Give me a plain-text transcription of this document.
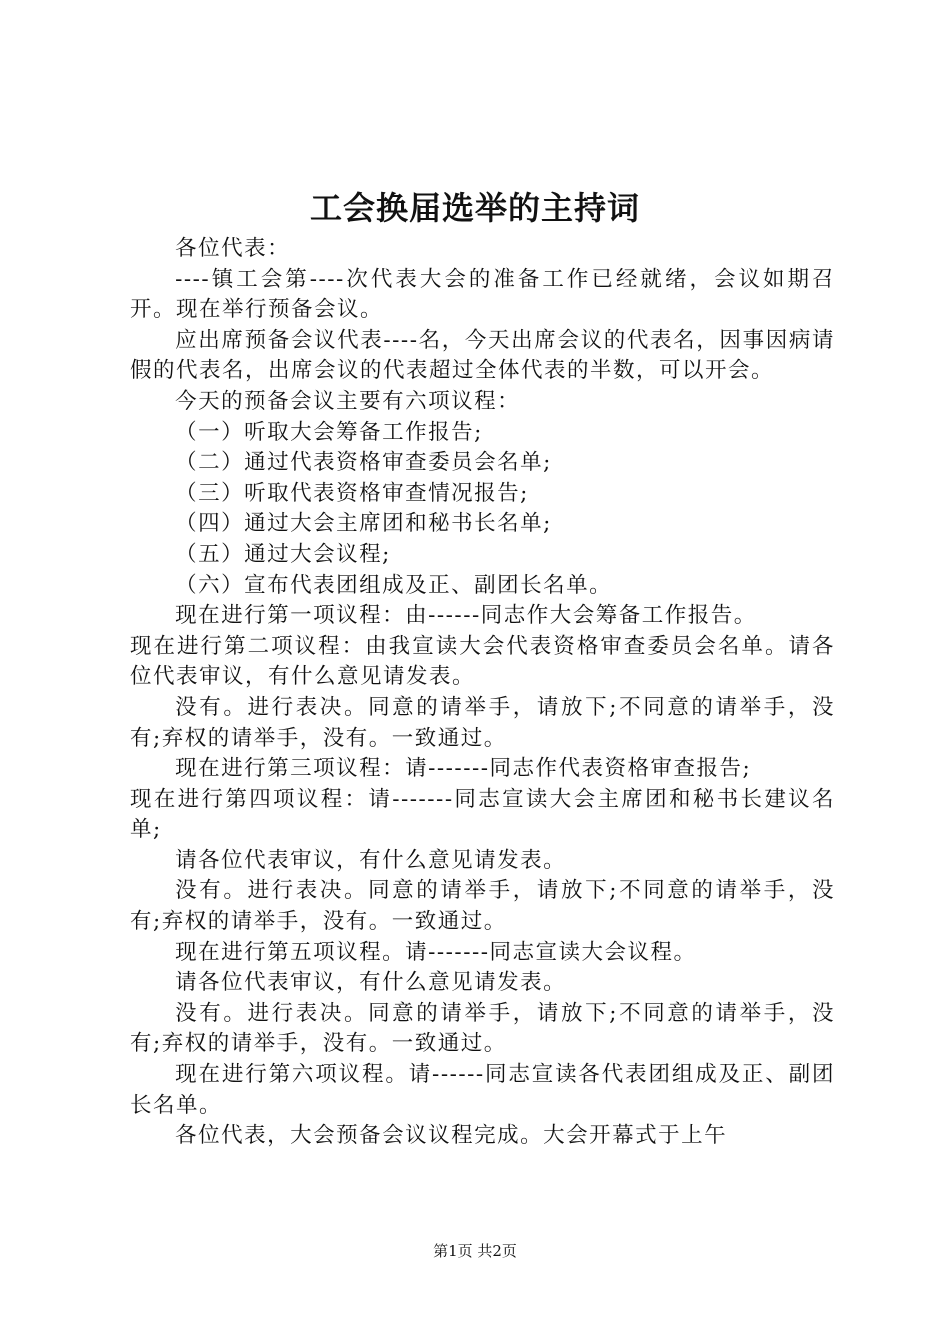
工会换届选举的主持词

各位代表：

----镇工会第----次代表大会的准备工作已经就绪，会议如期召开。现在举行预备会议。

应出席预备会议代表----名，今天出席会议的代表名，因事因病请假的代表名，出席会议的代表超过全体代表的半数，可以开会。

今天的预备会议主要有六项议程：

（一）听取大会筹备工作报告;

（二）通过代表资格审查委员会名单;

（三）听取代表资格审查情况报告;

（四）通过大会主席团和秘书长名单;

（五）通过大会议程;

（六）宣布代表团组成及正、副团长名单。

现在进行第一项议程：由------同志作大会筹备工作报告。

现在进行第二项议程：由我宣读大会代表资格审查委员会名单。请各位代表审议，有什么意见请发表。

没有。进行表决。同意的请举手，请放下;不同意的请举手，没有;弃权的请举手，没有。一致通过。

现在进行第三项议程：请-------同志作代表资格审查报告;

现在进行第四项议程：请-------同志宣读大会主席团和秘书长建议名单;

请各位代表审议，有什么意见请发表。

没有。进行表决。同意的请举手，请放下;不同意的请举手，没有;弃权的请举手，没有。一致通过。

现在进行第五项议程。请-------同志宣读大会议程。

请各位代表审议，有什么意见请发表。

没有。进行表决。同意的请举手，请放下;不同意的请举手，没有;弃权的请举手，没有。一致通过。

现在进行第六项议程。请------同志宣读各代表团组成及正、副团长名单。

各位代表，大会预备会议议程完成。大会开幕式于上午

第1页 共2页
